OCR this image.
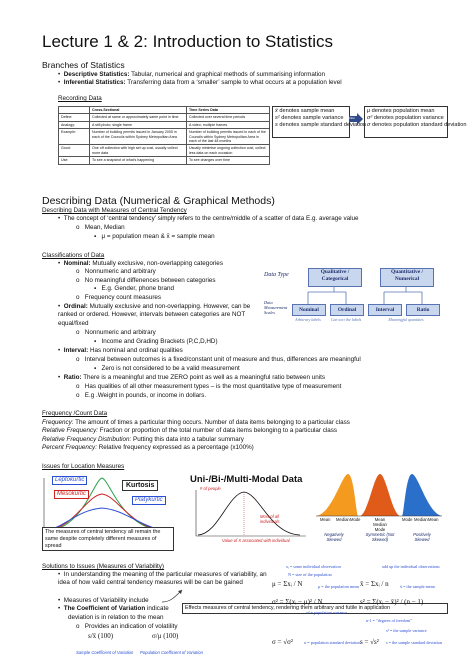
Lecture 1 & 2: Introduction to Statistics
Branches of Statistics
•  Descriptive Statistics: Tabular, numerical and graphical methods of summarising information
•  Inferential Statistics: Transferring data from a ‘smaller’ sample to what occurs at a population level
Recording Data
	Cross-Sectional	Time Series Data
Define:	Collected at same or approximately same point in time	Collected over several time periods
Analogy:	A still photo; single frame	A video; multiple frames
Example:	Number of building permits issued in January 2005 in each of the Councils within Sydney Metropolitan Area	Number of building permits issued in each of the Councils within Sydney Metropolitan Area in each of the last 48 months
Good:	One off collection with high set up cost, usually collect more data	Usually minimise ongoing collection cost, collect less data on each occasion
Use:	To see a snapshot of what’s happening	To see changes over time
x̄ denotes sample mean
s² denotes sample variance
s denotes sample standard deviation
Infer
μ denotes population mean
σ² denotes population variance
σ denotes population standard deviation
Describing Data (Numerical & Graphical Methods)
Describing Data with Measures of Central Tendency
•  The concept of ‘central tendency’ simply refers to the centre/middle of a scatter of data E.g. average value
o   Mean, Median
▪   μ = population mean & x̄ = sample mean
Classifications of Data
•  Nominal: Mutually exclusive, non-overlapping categories
o   Nonnumeric and arbitrary
o   No meaningful diffenences between categories
▪   E.g. Gender, phone brand
o   Frequency count measures
•  Ordinal: Mutually exclusive and non-overlapping. However, can be ranked or ordered. However, intervals between categories are NOT equal/fixed
o   Nonnumeric and arbitrary
▪   Income and Grading Brackets (P,C,D,HD)
•  Interval: Has nominal and ordinal qualities
o   Interval between outcomes is a fixed/constant unit of measure and thus, differences are meaningful
▪   Zero is not considered to be a valid measurement
•  Ratio: There is a meaningful and true ZERO point as well as a meaningful ratio between units
o   Has qualities of all other measurement types – is the most quantitative type of measurement
o   E.g .Weight in pounds, or income in dollars.
Data Type	Qualitative / Categorical
Quantitative / Numerical
Data Measurement Scales	Nominal	Ordinal	Interval	Ratio
Arbitrary labels	Can sort the labels	Meaningful quantities
Frequency /Count Data
Frequency: The amount of times a particular thing occurs. Number of data items belonging to a particular class
Relative Frequency: Fraction or proportion of the total number of data items belonging to a particular class
Relative Frequency Distribution: Putting this data into a tabular summary
Percent Frequency: Relative frequency expressed as a percentage (x100%)
Issues for Location Measures
Leptokurtic
Mesokurtic
Platykurtic
Kurtosis
The measures of central tendency all remain the same despite completely different measures of spread
Uni-/Bi-/Multi-Modal Data
# of people
Most of all individuals
Value of X associated with individual
Mean Median Mode	Mean Median Mode
Mode Median Mean
Negatively Skewed
Symmetric (Not Skewed)
Positively Skewed
Solutions to Issues (Measures of Variability)
•  In understanding the meaning of the particular measures of variability, an idea of how valid central tendency measures will be can be gained
•  Measures of Variability include
•  The Coefficient of Variation indicate
deviation is in relation to the mean
o   Provides an indication of volatility
Effects measures of central tendency, rendering them arbitrary and futile in application
s/x̄ (100)	σ/μ (100)
Sample Coefficient of Variation Population Coefficient of Variation
xᵢ = some individual observation
N = size of the population
μ = Σxᵢ / N	μ = the population mean
σ² = Σ(xᵢ − μ)² / N
σ² = population variance
σ = √σ²	σ = population standard deviation
add up the individual observations
x̄ = Σxᵢ / n	x̄ = the sample mean
s² = Σ(xᵢ − x̄)² / (n − 1)
n-1 = "degrees of freedom"
s² = the sample variance
s = √s² s = the sample standard deviation
